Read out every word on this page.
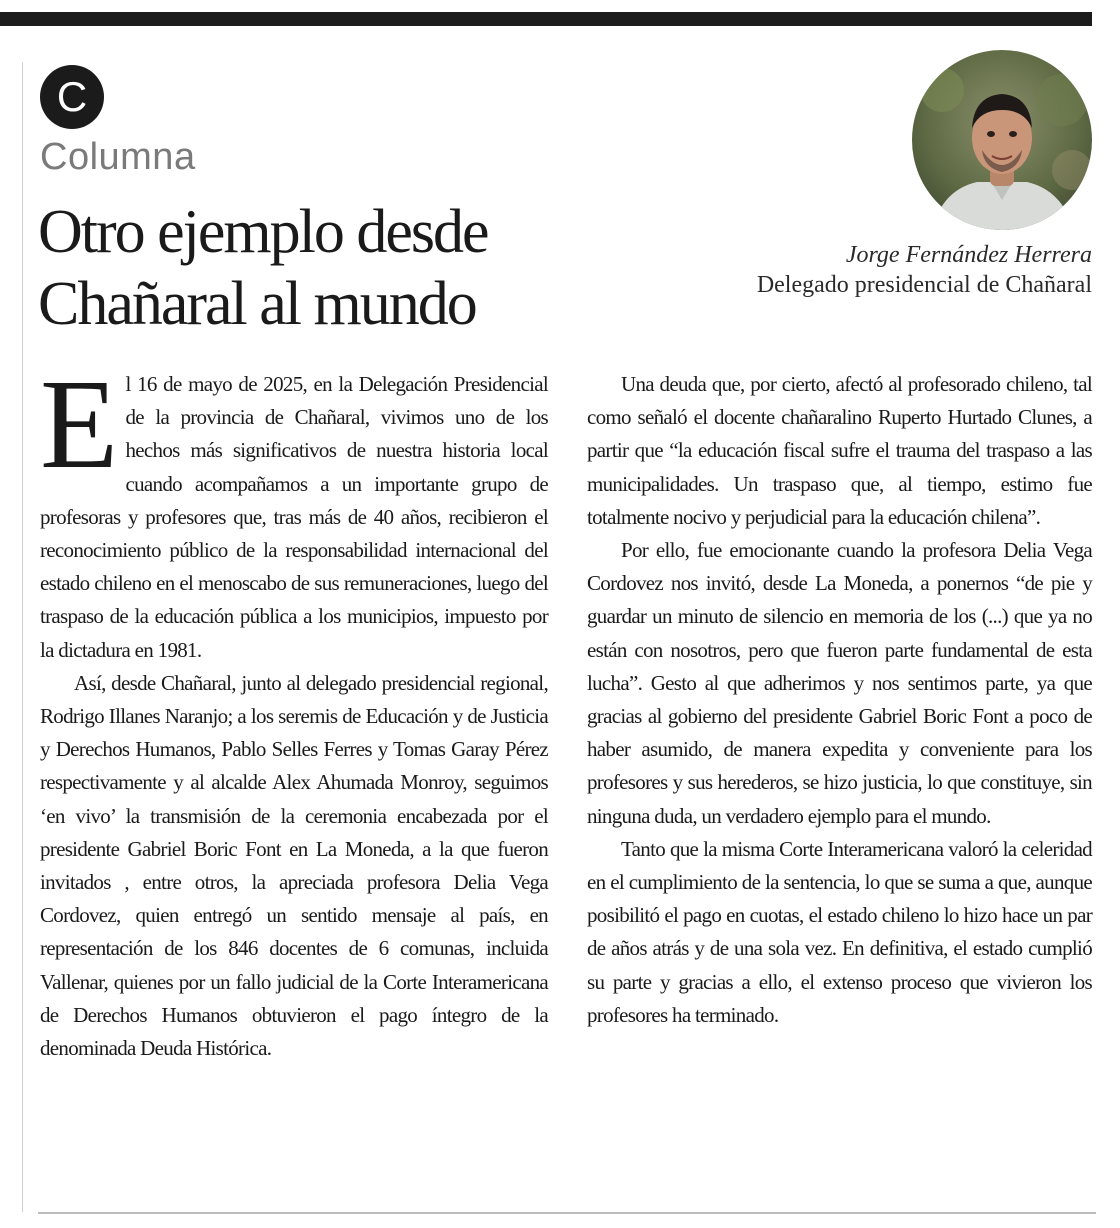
C
Columna
Otro ejemplo desde Chañaral al mundo
Jorge Fernández Herrera
Delegado presidencial de Chañaral

El 16 de mayo de 2025, en la Delegación Presidencial de la provincia de Chañaral, vivimos uno de los hechos más significativos de nuestra historia local cuando acompañamos a un importante grupo de profesoras y profesores que, tras más de 40 años, recibieron el reconocimiento público de la responsabilidad internacional del estado chileno en el menoscabo de sus remuneraciones, luego del traspaso de la educación pública a los municipios, impuesto por la dictadura en 1981.

Así, desde Chañaral, junto al delegado presidencial regional, Rodrigo Illanes Naranjo; a los seremis de Educación y de Justicia y Derechos Humanos, Pablo Selles Ferres y Tomas Garay Pérez respectivamente y al alcalde Alex Ahumada Monroy, seguimos ‘en vivo’ la transmisión de la ceremonia encabezada por el presidente Gabriel Boric Font en La Moneda, a la que fueron invitados , entre otros, la apreciada profesora Delia Vega Cordovez, quien entregó un sentido mensaje al país, en representación de los 846 docentes de 6 comunas, incluida Vallenar, quienes por un fallo judicial de la Corte Interamericana de Derechos Humanos obtuvieron el pago íntegro de la denominada Deuda Histórica.

Una deuda que, por cierto, afectó al profesorado chileno, tal como señaló el docente chañaralino Ruperto Hurtado Clunes, a partir que “la educación fiscal sufre el trauma del traspaso a las municipalidades. Un traspaso que, al tiempo, estimo fue totalmente nocivo y perjudicial para la educación chilena”.

Por ello, fue emocionante cuando la profesora Delia Vega Cordovez nos invitó, desde La Moneda, a ponernos “de pie y guardar un minuto de silencio en memoria de los (...) que ya no están con nosotros, pero que fueron parte fundamental de esta lucha”. Gesto al que adherimos y nos sentimos parte, ya que gracias al gobierno del presidente Gabriel Boric Font a poco de haber asumido, de manera expedita y conveniente para los profesores y sus herederos, se hizo justicia, lo que constituye, sin ninguna duda, un verdadero ejemplo para el mundo.

Tanto que la misma Corte Interamericana valoró la celeridad en el cumplimiento de la sentencia, lo que se suma a que, aunque posibilitó el pago en cuotas, el estado chileno lo hizo hace un par de años atrás y de una sola vez. En definitiva, el estado cumplió su parte y gracias a ello, el extenso proceso que vivieron los profesores ha terminado.
